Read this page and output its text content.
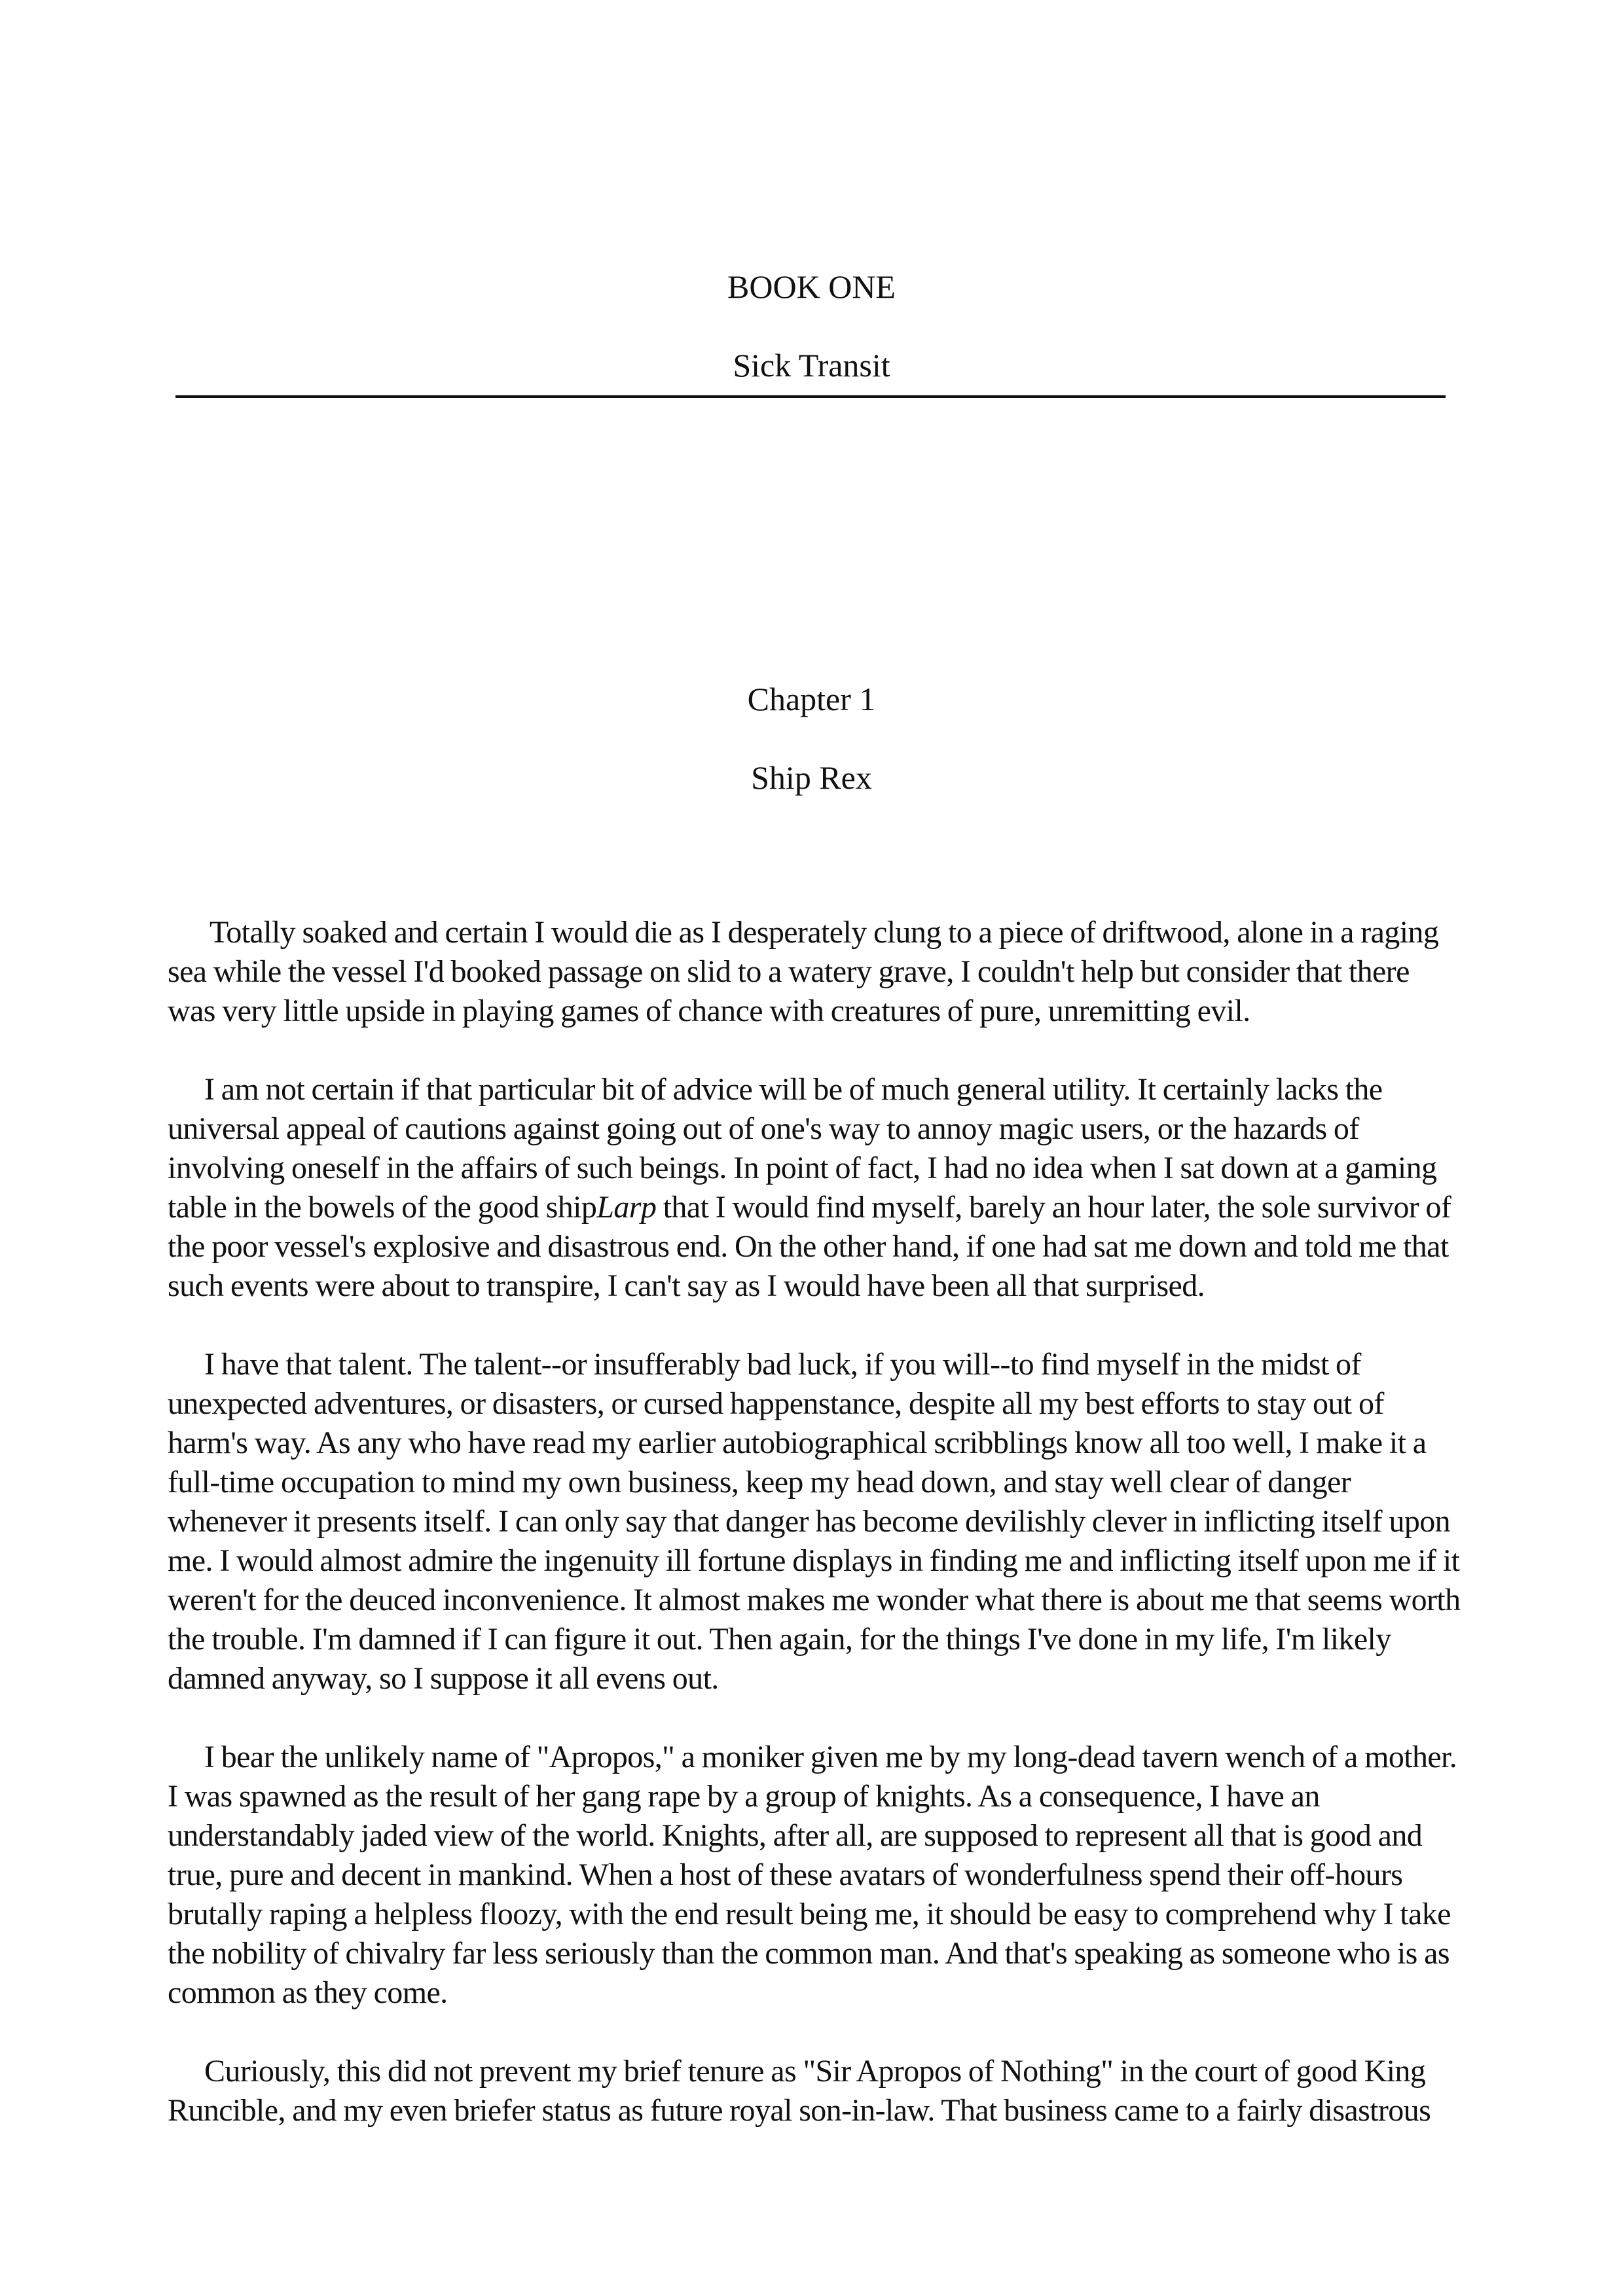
BOOK ONE
Sick Transit
Chapter 1
Ship Rex

Totally soaked and certain I would die as I desperately clung to a piece of driftwood, alone in a raging sea while the vessel I'd booked passage on slid to a watery grave, I couldn't help but consider that there was very little upside in playing games of chance with creatures of pure, unremitting evil.

I am not certain if that particular bit of advice will be of much general utility. It certainly lacks the universal appeal of cautions against going out of one's way to annoy magic users, or the hazards of involving oneself in the affairs of such beings. In point of fact, I had no idea when I sat down at a gaming table in the bowels of the good shipLarp that I would find myself, barely an hour later, the sole survivor of the poor vessel's explosive and disastrous end. On the other hand, if one had sat me down and told me that such events were about to transpire, I can't say as I would have been all that surprised.

I have that talent. The talent--or insufferably bad luck, if you will--to find myself in the midst of unexpected adventures, or disasters, or cursed happenstance, despite all my best efforts to stay out of harm's way. As any who have read my earlier autobiographical scribblings know all too well, I make it a full-time occupation to mind my own business, keep my head down, and stay well clear of danger whenever it presents itself. I can only say that danger has become devilishly clever in inflicting itself upon me. I would almost admire the ingenuity ill fortune displays in finding me and inflicting itself upon me if it weren't for the deuced inconvenience. It almost makes me wonder what there is about me that seems worth the trouble. I'm damned if I can figure it out. Then again, for the things I've done in my life, I'm likely damned anyway, so I suppose it all evens out.

I bear the unlikely name of "Apropos," a moniker given me by my long-dead tavern wench of a mother. I was spawned as the result of her gang rape by a group of knights. As a consequence, I have an understandably jaded view of the world. Knights, after all, are supposed to represent all that is good and true, pure and decent in mankind. When a host of these avatars of wonderfulness spend their off-hours brutally raping a helpless floozy, with the end result being me, it should be easy to comprehend why I take the nobility of chivalry far less seriously than the common man. And that's speaking as someone who is as common as they come.

Curiously, this did not prevent my brief tenure as "Sir Apropos of Nothing" in the court of good King Runcible, and my even briefer status as future royal son-in-law. That business came to a fairly disastrous
